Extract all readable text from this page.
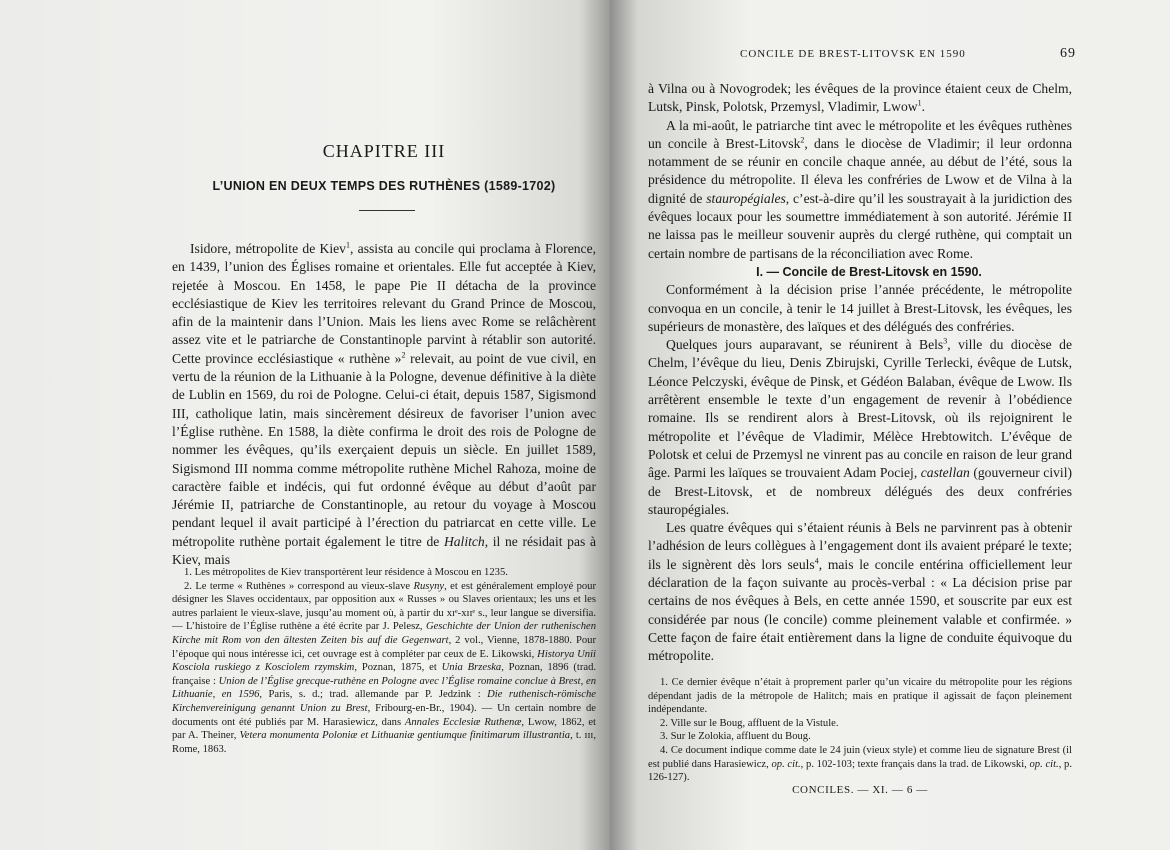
CHAPITRE III
L’UNION EN DEUX TEMPS DES RUTHÈNES (1589-1702)

Isidore, métropolite de Kiev$^1$, assista au concile qui proclama à Florence, en 1439, l’union des Églises romaine et orientales. Elle fut acceptée à Kiev, rejetée à Moscou. En 1458, le pape Pie II détacha de la province ecclésiastique de Kiev les territoires relevant du Grand Prince de Moscou, afin de la maintenir dans l’Union. Mais les liens avec Rome se relâchèrent assez vite et le patriarche de Constantinople parvint à rétablir son autorité. Cette province ecclésiastique « ruthène »$^2$ relevait, au point de vue civil, en vertu de la réunion de la Lithuanie à la Pologne, devenue définitive à la diète de Lublin en 1569, du roi de Pologne. Celui-ci était, depuis 1587, Sigismond III, catholique latin, mais sincèrement désireux de favoriser l’union avec l’Église ruthène. En 1588, la diète confirma le droit des rois de Pologne de nommer les évêques, qu’ils exerçaient depuis un siècle. En juillet 1589, Sigismond III nomma comme métropolite ruthène Michel Rahoza, moine de caractère faible et indécis, qui fut ordonné évêque au début d’août par Jérémie II, patriarche de Constantinople, au retour du voyage à Moscou pendant lequel il avait participé à l’érection du patriarcat en cette ville. Le métropolite ruthène portait également le titre de Halitch, il ne résidait pas à Kiev, mais

1. Les métropolites de Kiev transportèrent leur résidence à Moscou en 1235.

2. Le terme « Ruthènes » correspond au vieux-slave Rusyny, et est généralement employé pour désigner les Slaves occidentaux, par opposition aux « Russes » ou Slaves orientaux; les uns et les autres parlaient le vieux-slave, jusqu’au moment où, à partir du xɪᵉ-xɪɪᵉ s., leur langue se diversifia. — L’histoire de l’Église ruthène a été écrite par J. Pelesz, Geschichte der Union der ruthenischen Kirche mit Rom von den ältesten Zeiten bis auf die Gegenwart, 2 vol., Vienne, 1878-1880. Pour l’époque qui nous intéresse ici, cet ouvrage est à compléter par ceux de E. Likowski, Historya Unii Kosciola ruskiego z Kosciolem rzymskim, Poznan, 1875, et Unia Brzeska, Poznan, 1896 (trad. française : Union de l’Église grecque-ruthène en Pologne avec l’Église romaine conclue à Brest, en Lithuanie, en 1596, Paris, s. d.; trad. allemande par P. Jedzink : Die ruthenisch-römische Kirchenvereinigung genannt Union zu Brest, Fribourg-en-Br., 1904). — Un certain nombre de documents ont été publiés par M. Harasiewicz, dans Annales Ecclesiæ Ruthenæ, Lwow, 1862, et par A. Theiner, Vetera monumenta Poloniæ et Lithuaniæ gentiumque finitimarum illustrantia, t. ɪɪɪ, Rome, 1863.

CONCILE DE BREST-LITOVSK EN 1590	69

à Vilna ou à Novogrodek; les évêques de la province étaient ceux de Chelm, Lutsk, Pinsk, Polotsk, Przemysl, Vladimir, Lwow$^1$.

A la mi-août, le patriarche tint avec le métropolite et les évêques ruthènes un concile à Brest-Litovsk$^2$, dans le diocèse de Vladimir; il leur ordonna notamment de se réunir en concile chaque année, au début de l’été, sous la présidence du métropolite. Il éleva les confréries de Lwow et de Vilna à la dignité de stauropégiales, c’est-à-dire qu’il les soustrayait à la juridiction des évêques locaux pour les soumettre immédiatement à son autorité. Jérémie II ne laissa pas le meilleur souvenir auprès du clergé ruthène, qui comptait un certain nombre de partisans de la réconciliation avec Rome.

I. — Concile de Brest-Litovsk en 1590.

Conformément à la décision prise l’année précédente, le métropolite convoqua en un concile, à tenir le 14 juillet à Brest-Litovsk, les évêques, les supérieurs de monastère, des laïques et des délégués des confréries.

Quelques jours auparavant, se réunirent à Bels$^3$, ville du diocèse de Chelm, l’évêque du lieu, Denis Zbirujski, Cyrille Terlecki, évêque de Lutsk, Léonce Pelczyski, évêque de Pinsk, et Gédéon Balaban, évêque de Lwow. Ils arrêtèrent ensemble le texte d’un engagement de revenir à l’obédience romaine. Ils se rendirent alors à Brest-Litovsk, où ils rejoignirent le métropolite et l’évêque de Vladimir, Mélèce Hrebtowitch. L’évêque de Polotsk et celui de Przemysl ne vinrent pas au concile en raison de leur grand âge. Parmi les laïques se trouvaient Adam Pociej, castellan (gouverneur civil) de Brest-Litovsk, et de nombreux délégués des deux confréries stauropégiales.

Les quatre évêques qui s’étaient réunis à Bels ne parvinrent pas à obtenir l’adhésion de leurs collègues à l’engagement dont ils avaient préparé le texte; ils le signèrent dès lors seuls$^4$, mais le concile entérina officiellement leur déclaration de la façon suivante au procès-verbal : « La décision prise par certains de nos évêques à Bels, en cette année 1590, et souscrite par eux est considérée par nous (le concile) comme pleinement valable et confirmée. » Cette façon de faire était entièrement dans la ligne de conduite équivoque du métropolite.

1. Ce dernier évêque n’était à proprement parler qu’un vicaire du métropolite pour les régions dépendant jadis de la métropole de Halitch; mais en pratique il agissait de façon pleinement indépendante.

2. Ville sur le Boug, affluent de la Vistule.

3. Sur le Zolokia, affluent du Boug.

4. Ce document indique comme date le 24 juin (vieux style) et comme lieu de signature Brest (il est publié dans Harasiewicz, op. cit., p. 102-103; texte français dans la trad. de Likowski, op. cit., p. 126-127).

CONCILES. — XI. — 6 —
